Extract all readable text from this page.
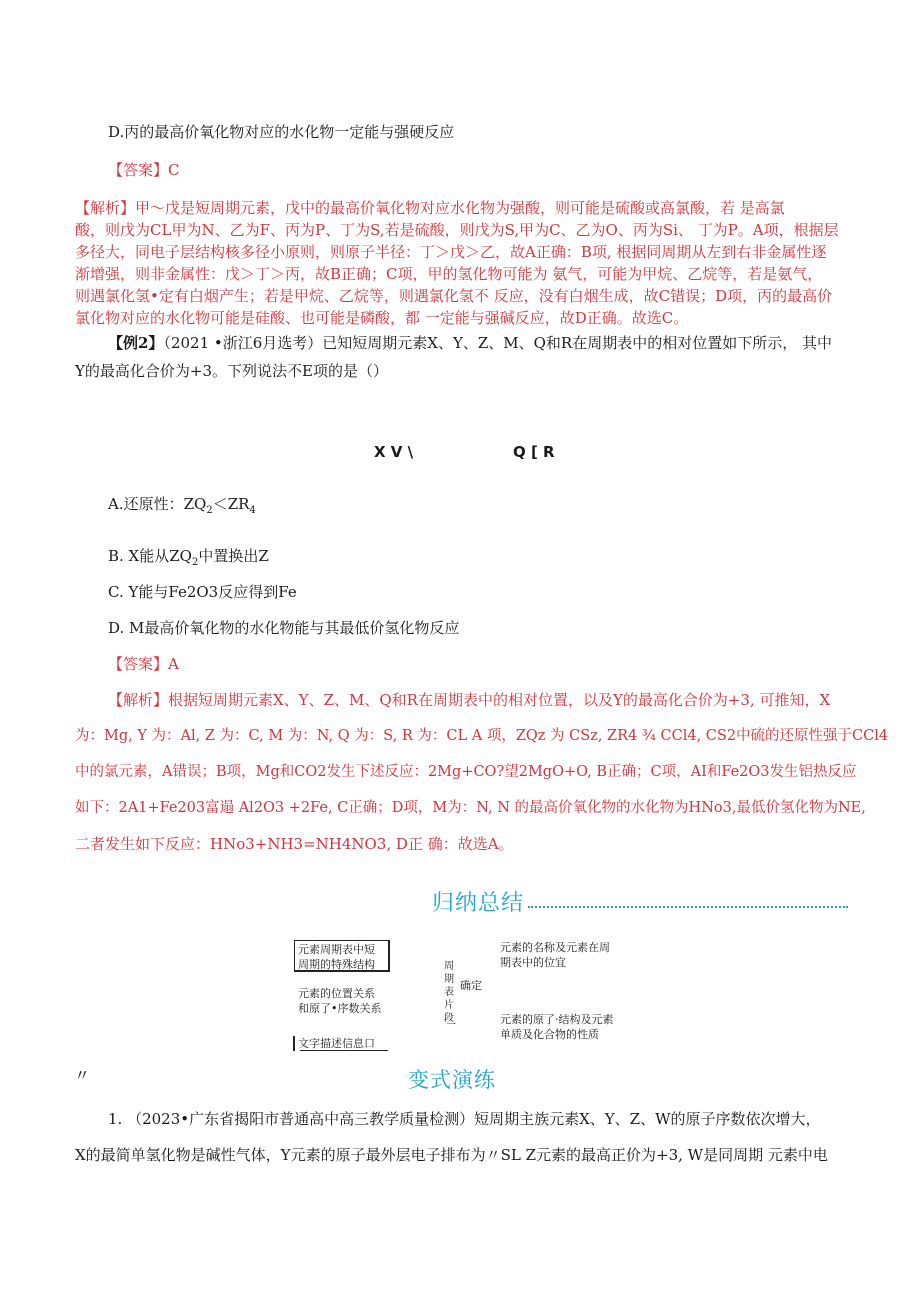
D.丙的最高价氧化物对应的水化物一定能与强硬反应
【答案】C
【解析】甲～戊是短周期元素，戊中的最高价氧化物对应水化物为强酸，则可能是硫酸或高氯酸，若 是高氯
酸，则戊为CL甲为N、乙为F、丙为P、丁为S,若是硫酸，则戊为S,甲为C、乙为O、丙为Si、 丁为P。A项，根据层
多径大，同电子层结构核多径小原则，则原子半径：丁＞戊＞乙，故A正确：B项, 根据同周期从左到右非金属性逐
渐增强，则非金属性：戊＞丁＞丙，故B正确；C项，甲的氢化物可能为 氨气，可能为甲烷、乙烷等，若是氨气，
则遇氯化氢•定有白烟产生；若是甲烷、乙烷等，则遇氯化氢不 反应，没有白烟生成，故C错误；D项，丙的最高价
氯化物对应的水化物可能是硅酸、也可能是磷酸，都 一定能与强碱反应，故D正确。故选C。
【例2】（2021 •浙江6月选考）已知短周期元素X、Y、Z、M、Q和R在周期表中的相对位置如下所示， 其中
Y的最高化合价为+3。下列说法不E项的是（）
X V \	Q [ R
A.还原性：$ZQ_2<ZR_4$
B. X能从$ZQ_2$中置换出Z
C. Y能与Fe2O3反应得到Fe
D. M最高价氧化物的水化物能与其最低价氢化物反应
【答案】A
【解析】根据短周期元素X、Y、Z、M、Q和R在周期表中的相对位置，以及Y的最高化合价为+3, 可推知，X
为：Mg, Y 为：Al, Z 为：C, M 为：N, Q 为：S, R 为：CL A 项，ZQz 为 CSz, ZR4 ¾ CCl4, CS2中硫的还原性强于CCl4
中的氯元素，A错误；B项，Mg和CO2发生下述反应：2Mg+CO?望2MgO+O, B正确；C项，AI和Fe2O3发生铝热反应
如下：2A1+Fe203富遢 Al2O3 +2Fe, C正确；D项，M为：N, N 的最高价氧化物的水化物为HNo3,最低价氢化物为NE,
二者发生如下反应：HNo3+NH3=NH4NO3, D正 确：故选A。
归纳总结
元素周期表中短
周期的特殊结构
元素的位置关系
和原了•序数关系
文字描述信息口
周期表片段
一
确定
元素的名称及元素在周
期表中的位宜
元素的原了·结构及元素
单质及化合物的性质
〃	变式演练
1. （2023•广东省揭阳市普通高中高三教学质量检测）短周期主族元素X、Y、Z、W的原子序数依次增大，
X的最简单氢化物是碱性气体，Y元素的原子最外层电子排布为〃SL Z元素的最高正价为+3, W是同周期 元素中电
